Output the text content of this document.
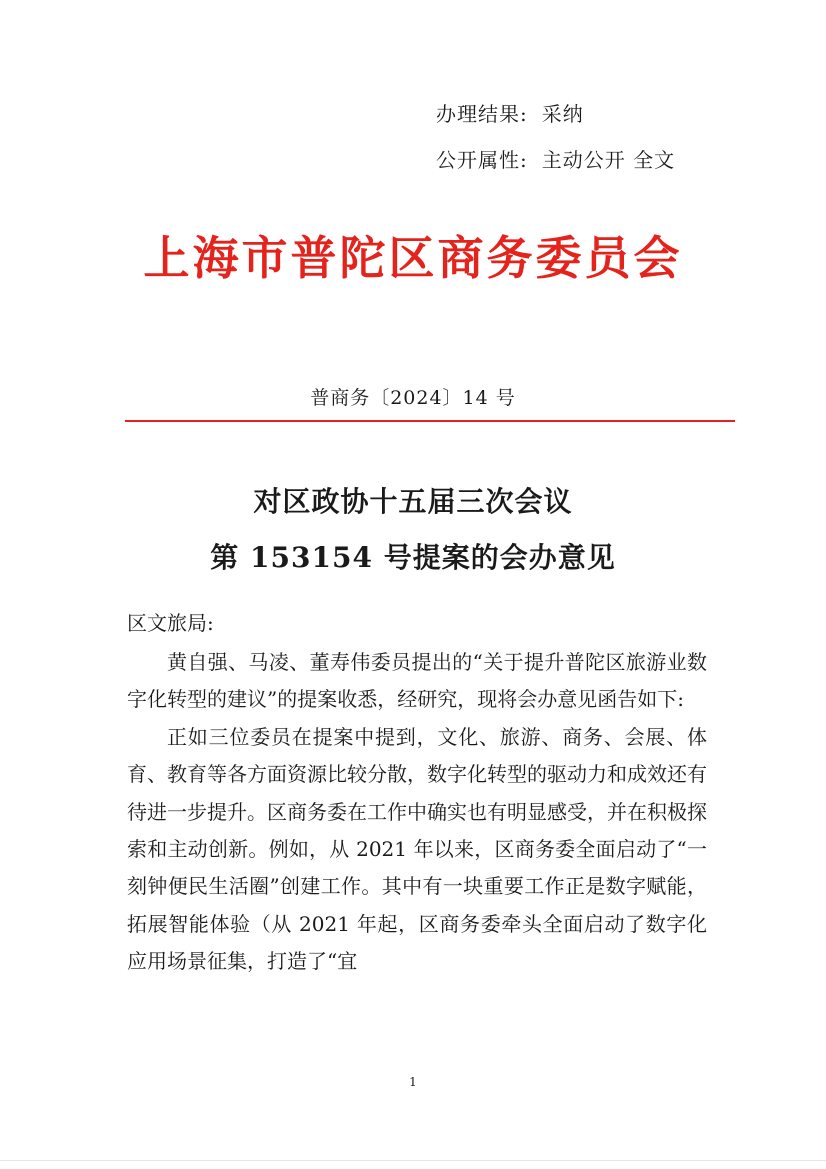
办理结果: 采纳
公开属性: 主动公开 全文
上海市普陀区商务委员会
普商务〔2024〕14 号
对区政协十五届三次会议
第 153154 号提案的会办意见
区文旅局:

黄自强、马凌、董寿伟委员提出的“关于提升普陀区旅游业数字化转型的建议”的提案收悉，经研究，现将会办意见函告如下:

正如三位委员在提案中提到，文化、旅游、商务、会展、体育、教育等各方面资源比较分散，数字化转型的驱动力和成效还有待进一步提升。区商务委在工作中确实也有明显感受，并在积极探索和主动创新。例如，从 2021 年以来，区商务委全面启动了“一刻钟便民生活圈”创建工作。其中有一块重要工作正是数字赋能，拓展智能体验（从 2021 年起，区商务委牵头全面启动了数字化应用场景征集，打造了“宜

1
